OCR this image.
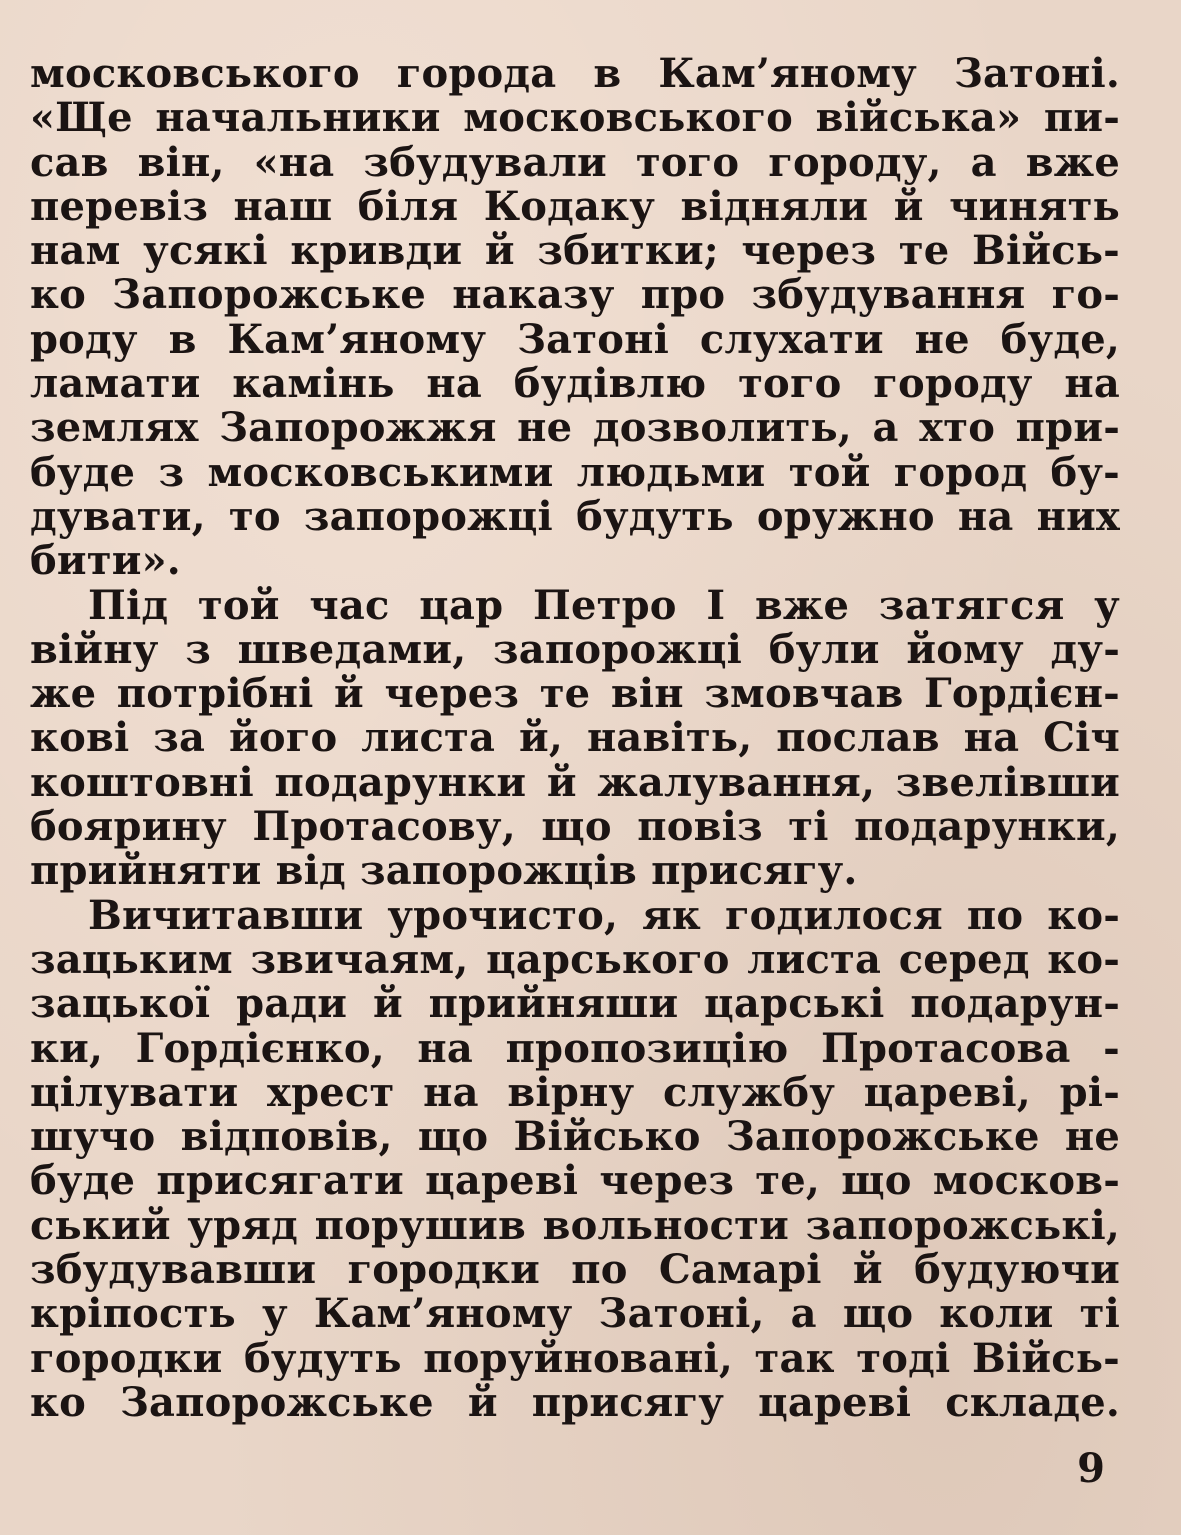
московського города в Кам’яному Затоні.
«Ще начальники московського війська» пи-
сав він, «на збудували того городу, а вже
перевіз наш біля Кодаку відняли й чинять
нам усякі кривди й збитки; через те Війсь-
ко Запорожське наказу про збудування го-
роду в Кам’яному Затоні слухати не буде,
ламати камінь на будівлю того городу на
землях Запорожжя не дозволить, а хто при-
буде з московськими людьми той город бу-
дувати, то запорожці будуть оружно на них
бити».
Під той час цар Петро І вже затягся у
війну з шведами, запорожці були йому ду-
же потрібні й через те він змовчав Гордієн-
кові за його листа й, навіть, послав на Січ
коштовні подарунки й жалування, звелівши
боярину Протасову, що повіз ті подарунки,
прийняти від запорожців присягу.
Вичитавши урочисто, як годилося по ко-
зацьким звичаям, царського листа серед ко-
зацької ради й прийняши царські подарун-
ки, Гордієнко, на пропозицію Протасова -
цілувати хрест на вірну службу цареві, рі-
шучо відповів, що Військо Запорожське не
буде присягати цареві через те, що москов-
ський уряд порушив вольности запорожські,
збудувавши городки по Самарі й будуючи
кріпость у Кам’яному Затоні, а що коли ті
городки будуть поруйновані, так тоді Війсь-
ко Запорожське й присягу цареві складе.
9
